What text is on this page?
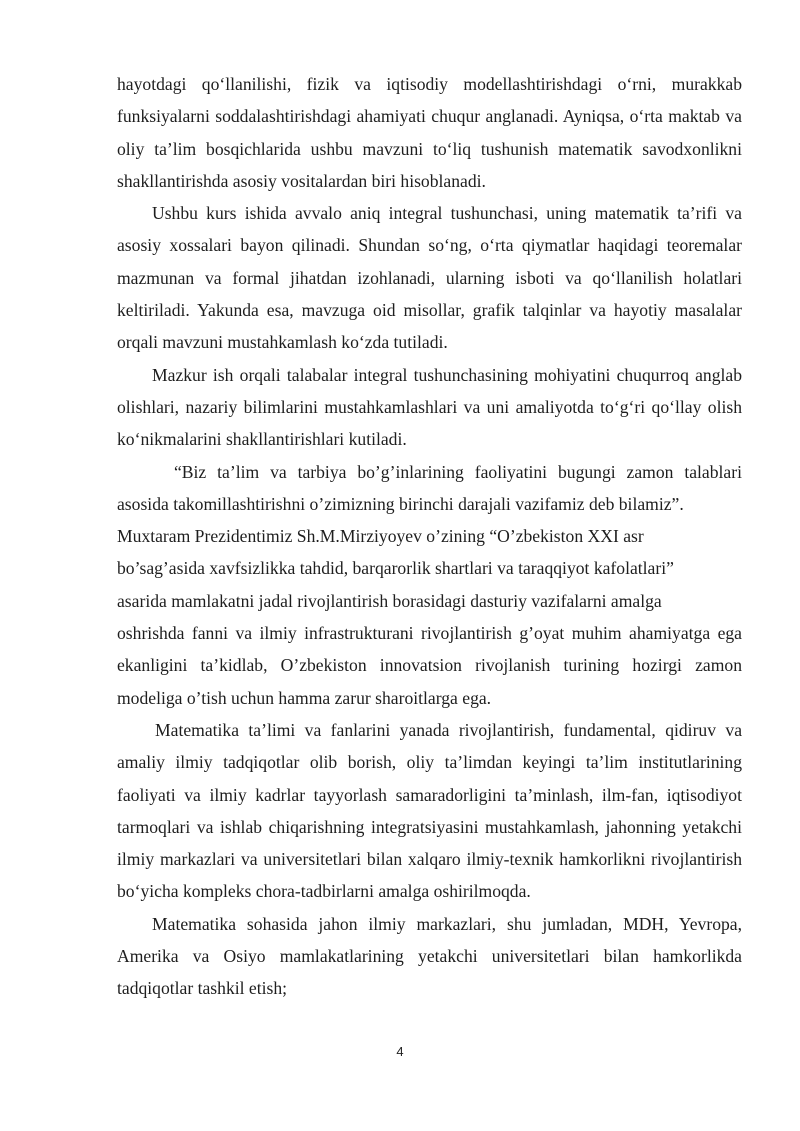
hayotdagi qo‘llanilishi, fizik va iqtisodiy modellashtirishdagi o‘rni, murakkab funksiyalarni soddalashtirishdagi ahamiyati chuqur anglanadi. Ayniqsa, o‘rta maktab va oliy ta’lim bosqichlarida ushbu mavzuni to‘liq tushunish matematik savodxonlikni shakllantirishda asosiy vositalardan biri hisoblanadi.

Ushbu kurs ishida avvalo aniq integral tushunchasi, uning matematik ta’rifi va asosiy xossalari bayon qilinadi. Shundan so‘ng, o‘rta qiymatlar haqidagi teoremalar mazmunan va formal jihatdan izohlanadi, ularning isboti va qo‘llanilish holatlari keltiriladi. Yakunda esa, mavzuga oid misollar, grafik talqinlar va hayotiy masalalar orqali mavzuni mustahkamlash ko‘zda tutiladi.

Mazkur ish orqali talabalar integral tushunchasining mohiyatini chuqurroq anglab olishlari, nazariy bilimlarini mustahkamlashlari va uni amaliyotda to‘g‘ri qo‘llay olish ko‘nikmalarini shakllantirishlari kutiladi.

“Biz ta’lim va tarbiya bo’g’inlarining faoliyatini bugungi zamon talablari asosida takomillashtirishni o’zimizning birinchi darajali vazifamiz deb bilamiz”.

Muxtaram Prezidentimiz Sh.M.Mirziyoyev o’zining “O’zbekiston XXI asr
bo’sag’asida xavfsizlikka tahdid, barqarorlik shartlari va taraqqiyot kafolatlari”
asarida mamlakatni jadal rivojlantirish borasidagi dasturiy vazifalarni amalga

oshrishda fanni va ilmiy infrastrukturani rivojlantirish g’oyat muhim ahamiyatga ega ekanligini ta’kidlab, O’zbekiston innovatsion rivojlanish turining hozirgi zamon modeliga o’tish uchun hamma zarur sharoitlarga ega.

Matematika ta’limi va fanlarini yanada rivojlantirish, fundamental, qidiruv va amaliy ilmiy tadqiqotlar olib borish, oliy ta’limdan keyingi ta’lim institutlarining faoliyati va ilmiy kadrlar tayyorlash samaradorligini ta’minlash, ilm-fan, iqtisodiyot tarmoqlari va ishlab chiqarishning integratsiyasini mustahkamlash, jahonning yetakchi ilmiy markazlari va universitetlari bilan xalqaro ilmiy-texnik hamkorlikni rivojlantirish bo‘yicha kompleks chora-tadbirlarni amalga oshirilmoqda.

Matematika sohasida jahon ilmiy markazlari, shu jumladan, MDH, Yevropa, Amerika va Osiyo mamlakatlarining yetakchi universitetlari bilan hamkorlikda tadqiqotlar tashkil etish;

4
